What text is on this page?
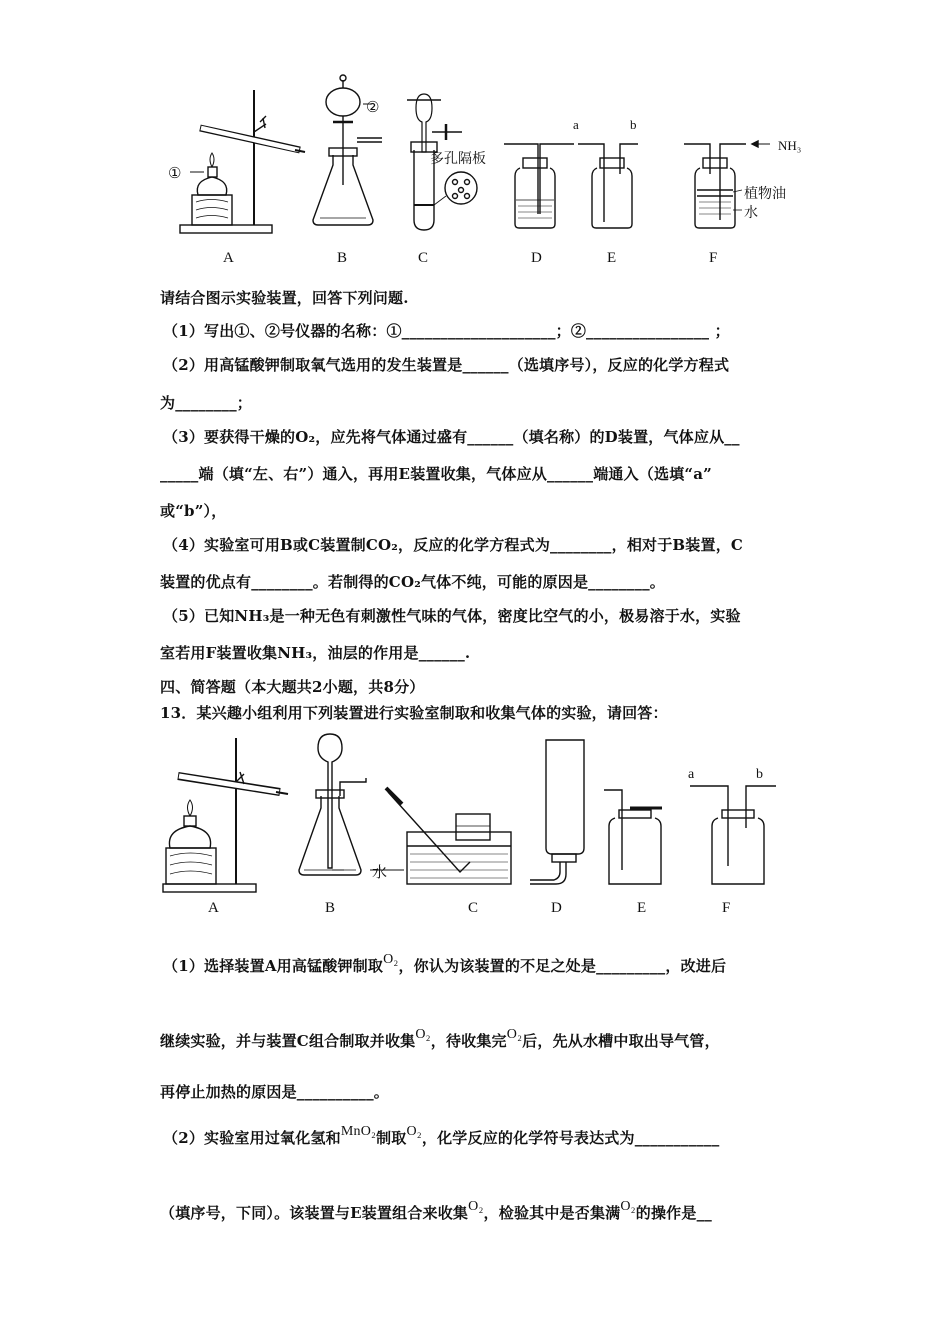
A	B	C	D	E	F
①
②
多孔隔板
a	b
NH₃
植物油
水
请结合图示实验装置，回答下列问题.
（1）写出①、②号仪器的名称：①____________________；②________________ ；
（2）用高锰酸钾制取氧气选用的发生装置是______（选填序号），反应的化学方程式
为________；
（3）要获得干燥的O₂，应先将气体通过盛有______（填名称）的D装置，气体应从__
_____端（填“左、右”）通入，再用E装置收集，气体应从______端通入（选填“a”
或“b”），
（4）实验室可用B或C装置制CO₂，反应的化学方程式为________，相对于B装置，C
装置的优点有________。若制得的CO₂气体不纯，可能的原因是________。
（5）已知NH₃是一种无色有刺激性气味的气体，密度比空气的小，极易溶于水，实验
室若用F装置收集NH₃，油层的作用是______.
四、简答题（本大题共2小题，共8分）
13．某兴趣小组利用下列装置进行实验室制取和收集气体的实验，请回答：
A	B	C	D	E	F
水
a	b
（1）选择装置A用高锰酸钾制取O₂，你认为该装置的不足之处是_________，改进后
继续实验，并与装置C组合制取并收集O₂，待收集完O₂后，先从水槽中取出导气管，
再停止加热的原因是__________。
（2）实验室用过氧化氢和MnO₂制取O₂，化学反应的化学符号表达式为___________
（填序号，下同）。该装置与E装置组合来收集O₂，检验其中是否集满O₂的操作是__
